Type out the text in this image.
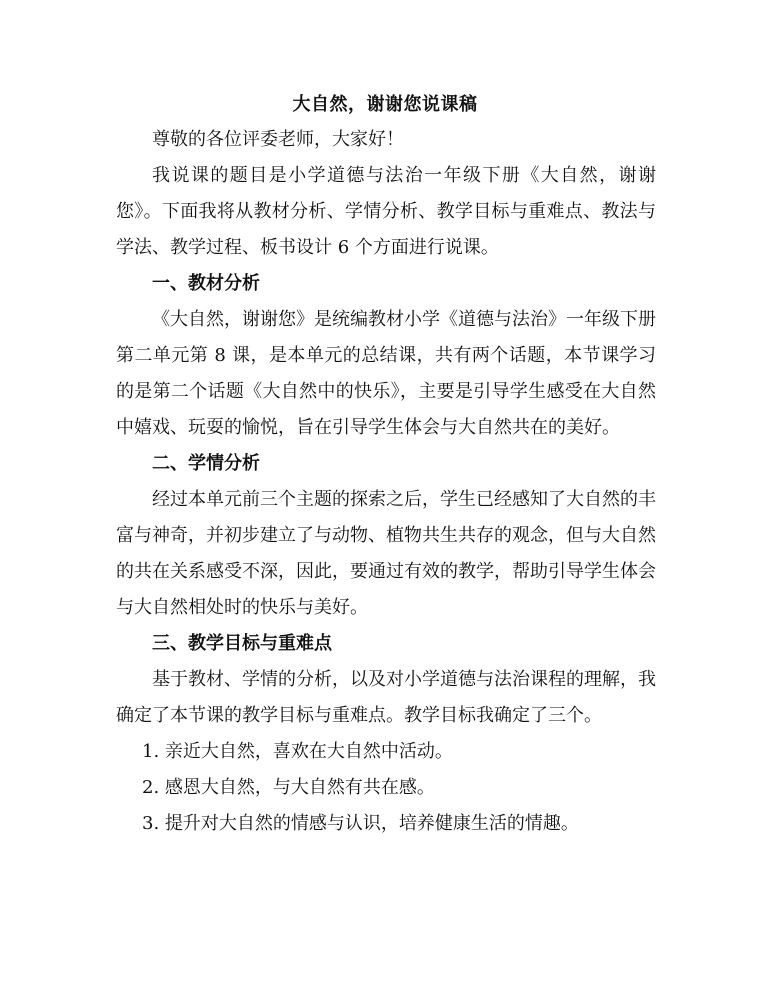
大自然，谢谢您说课稿

尊敬的各位评委老师，大家好！

我说课的题目是小学道德与法治一年级下册《大自然，谢谢您》。下面我将从教材分析、学情分析、教学目标与重难点、教法与学法、教学过程、板书设计 6 个方面进行说课。

一、教材分析

《大自然，谢谢您》是统编教材小学《道德与法治》一年级下册第二单元第 8 课，是本单元的总结课，共有两个话题，本节课学习的是第二个话题《大自然中的快乐》，主要是引导学生感受在大自然中嬉戏、玩耍的愉悦，旨在引导学生体会与大自然共在的美好。

二、学情分析

经过本单元前三个主题的探索之后，学生已经感知了大自然的丰富与神奇，并初步建立了与动物、植物共生共存的观念，但与大自然的共在关系感受不深，因此，要通过有效的教学，帮助引导学生体会与大自然相处时的快乐与美好。

三、教学目标与重难点

基于教材、学情的分析，以及对小学道德与法治课程的理解，我确定了本节课的教学目标与重难点。教学目标我确定了三个。

1. 亲近大自然，喜欢在大自然中活动。

2. 感恩大自然，与大自然有共在感。

3. 提升对大自然的情感与认识，培养健康生活的情趣。
